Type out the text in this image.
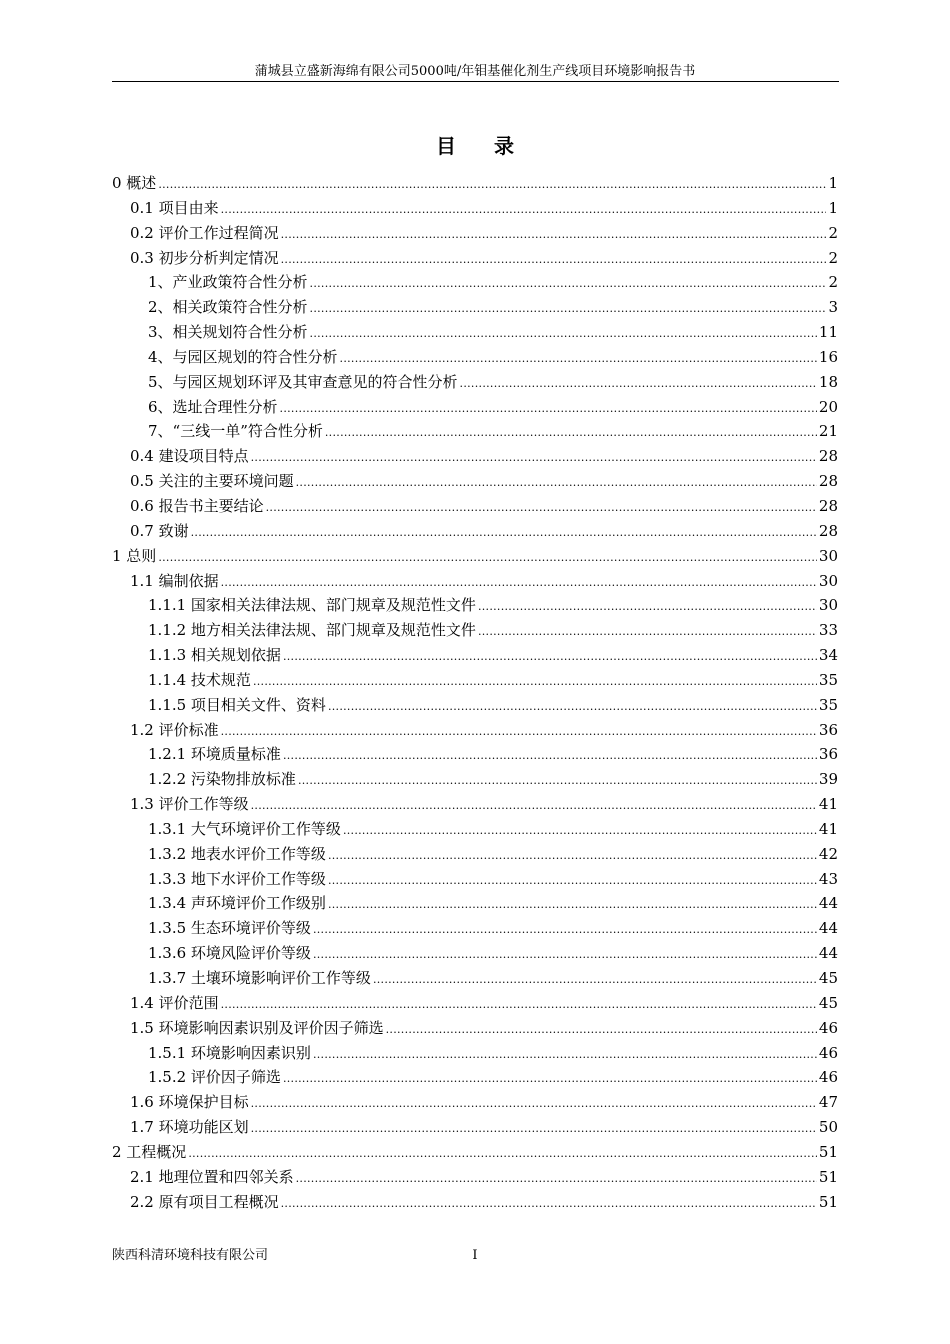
蒲城县立盛新海绵有限公司5000吨/年钼基催化剂生产线项目环境影响报告书
目 录
0 概述 .....	1
0.1 项目由来 .....	1
0.2 评价工作过程简况 .....	2
0.3 初步分析判定情况 .....	2
1、产业政策符合性分析 .....	2
2、相关政策符合性分析 .....	3
3、相关规划符合性分析 .....	11
4、与园区规划的符合性分析 .....	16
5、与园区规划环评及其审查意见的符合性分析 .....	18
6、选址合理性分析 .....	20
7、“三线一单”符合性分析 .....	21
0.4 建设项目特点 .....	28
0.5 关注的主要环境问题 .....	28
0.6 报告书主要结论 .....	28
0.7 致谢 .....	28
1 总则 .....	30
1.1 编制依据 .....	30
1.1.1 国家相关法律法规、部门规章及规范性文件 .....	30
1.1.2 地方相关法律法规、部门规章及规范性文件 .....	33
1.1.3 相关规划依据 .....	34
1.1.4 技术规范 .....	35
1.1.5 项目相关文件、资料 .....	35
1.2 评价标准 .....	36
1.2.1 环境质量标准 .....	36
1.2.2 污染物排放标准 .....	39
1.3 评价工作等级 .....	41
1.3.1 大气环境评价工作等级 .....	41
1.3.2 地表水评价工作等级 .....	42
1.3.3 地下水评价工作等级 .....	43
1.3.4 声环境评价工作级别 .....	44
1.3.5 生态环境评价等级 .....	44
1.3.6 环境风险评价等级 .....	44
1.3.7 土壤环境影响评价工作等级 .....	45
1.4 评价范围 .....	45
1.5 环境影响因素识别及评价因子筛选 .....	46
1.5.1 环境影响因素识别 .....	46
1.5.2 评价因子筛选 .....	46
1.6 环境保护目标 .....	47
1.7 环境功能区划 .....	50
2 工程概况 .....	51
2.1 地理位置和四邻关系 .....	51
2.2 原有项目工程概况 .....	51
陕西科清环境科技有限公司	I
